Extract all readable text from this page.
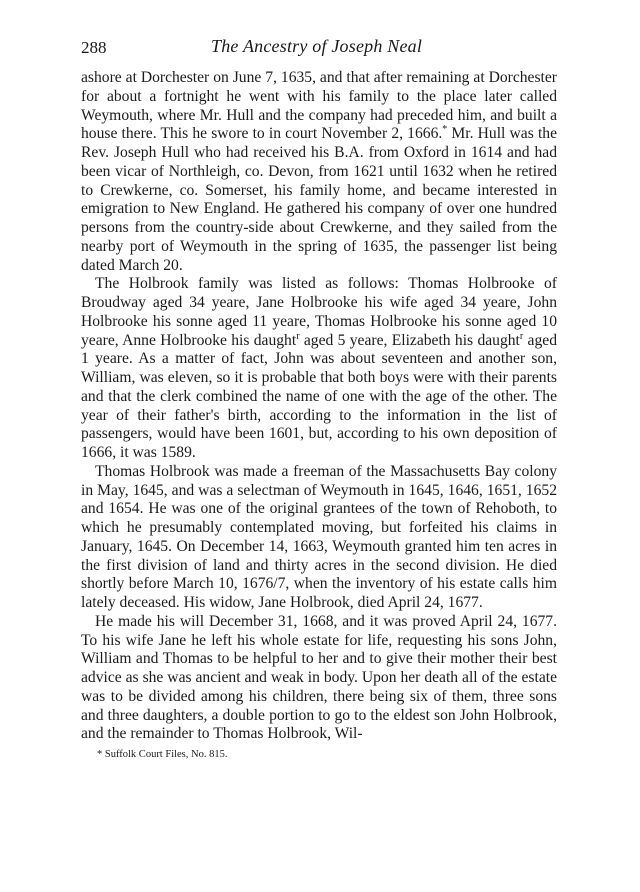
288	The Ancestry of Joseph Neal

ashore at Dorchester on June 7, 1635, and that after remaining at Dorchester for about a fortnight he went with his family to the place later called Weymouth, where Mr. Hull and the company had preceded him, and built a house there. This he swore to in court November 2, 1666.* Mr. Hull was the Rev. Joseph Hull who had received his B.A. from Oxford in 1614 and had been vicar of Northleigh, co. Devon, from 1621 until 1632 when he retired to Crewkerne, co. Somerset, his family home, and became interested in emigration to New England. He gathered his company of over one hundred persons from the country-side about Crewkerne, and they sailed from the nearby port of Weymouth in the spring of 1635, the passenger list being dated March 20.

The Holbrook family was listed as follows: Thomas Holbrooke of Broudway aged 34 yeare, Jane Holbrooke his wife aged 34 yeare, John Holbrooke his sonne aged 11 yeare, Thomas Holbrooke his sonne aged 10 yeare, Anne Holbrooke his daught$^r$ aged 5 yeare, Elizabeth his daught$^r$ aged 1 yeare. As a matter of fact, John was about seventeen and another son, William, was eleven, so it is probable that both boys were with their parents and that the clerk combined the name of one with the age of the other. The year of their father's birth, according to the information in the list of passengers, would have been 1601, but, according to his own deposition of 1666, it was 1589.

Thomas Holbrook was made a freeman of the Massachusetts Bay colony in May, 1645, and was a selectman of Weymouth in 1645, 1646, 1651, 1652 and 1654. He was one of the original grantees of the town of Rehoboth, to which he presumably contemplated moving, but forfeited his claims in January, 1645. On December 14, 1663, Weymouth granted him ten acres in the first division of land and thirty acres in the second division. He died shortly before March 10, 1676/7, when the inventory of his estate calls him lately deceased. His widow, Jane Holbrook, died April 24, 1677.

He made his will December 31, 1668, and it was proved April 24, 1677. To his wife Jane he left his whole estate for life, requesting his sons John, William and Thomas to be helpful to her and to give their mother their best advice as she was ancient and weak in body. Upon her death all of the estate was to be divided among his children, there being six of them, three sons and three daughters, a double portion to go to the eldest son John Holbrook, and the remainder to Thomas Holbrook, Wil-

* Suffolk Court Files, No. 815.
